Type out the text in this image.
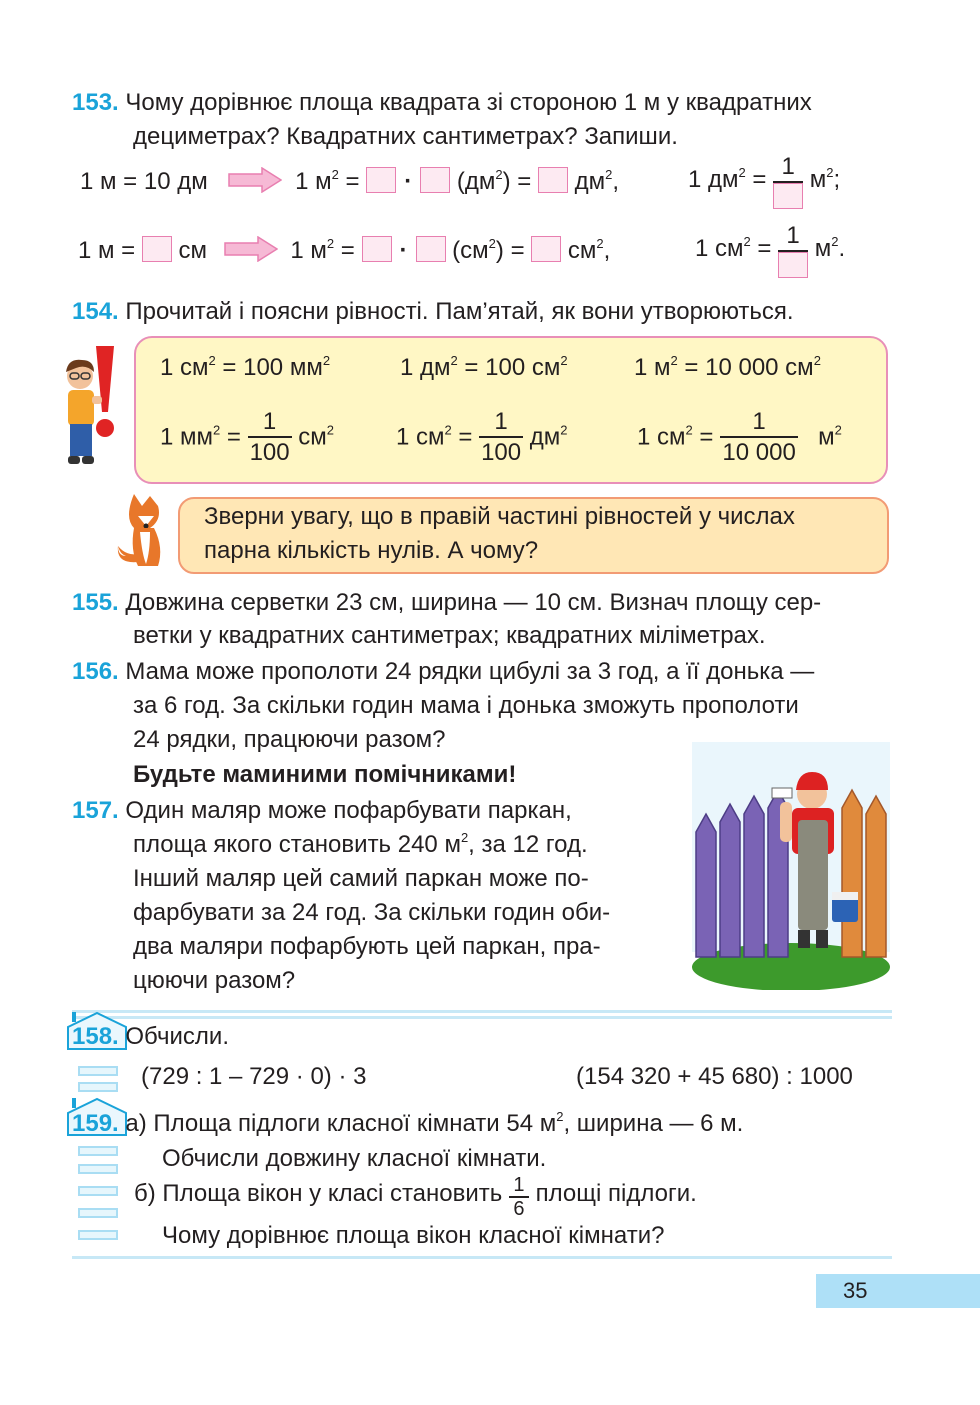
153. Чому дорівнює площа квадрата зі стороною 1 м у квадратних
дециметрах? Квадратних сантиметрах? Запиши.
1 м = 10 дм	1 $м^2$ = · $(дм^2) = дм^2$,	1 $дм^2 = 1$ $м^2$;
1 м = см	1 $м^2$ = · $(см^2) = см^2$,	1 $см^2 = 1$ $м^2$.
154. Прочитай і поясни рівності. Пам’ятай, як вони утворюються.
1 $см^2 = 100$ $мм^2$	1 $дм^2 = 100$ $см^2$	1 $м^2 = 10$ 000 $см^2$
1 $мм^2 = \frac{1}{100} см^2$	1 $см^2 = \frac{1}{100} дм^2$	1 $см^2 = \frac{1}{10 000} м^2$
Зверни увагу, що в правій частині рівностей у числах
парна кількість нулів. А чому?
155. Довжина серветки 23 см, ширина — 10 см. Визнач площу сер-
ветки у квадратних сантиметрах; квадратних міліметрах.
156. Мама може прополоти 24 рядки цибулі за 3 год, а її донька —
за 6 год. За скільки годин мама і донька зможуть прополоти
24 рядки, працюючи разом?
Будьте маминими помічниками!
157. Один маляр може пофарбувати паркан,
площа якого становить 240 $м^2$, за 12 год.
Інший маляр цей самий паркан може по-
фарбувати за 24 год. За скільки годин оби-
два маляри пофарбують цей паркан, пра-
цюючи разом?
158. Обчисли.
(729 : 1 – 729 · 0) · 3	(154 320 + 45 680) : 1000
159. а) Площа підлоги класної кімнати 54 $м^2$, ширина — 6 м.
Обчисли довжину класної кімнати.
б) Площа вікон у класі становить $\frac{1}{6}$ площі підлоги.
Чому дорівнює площа вікон класної кімнати?
35
